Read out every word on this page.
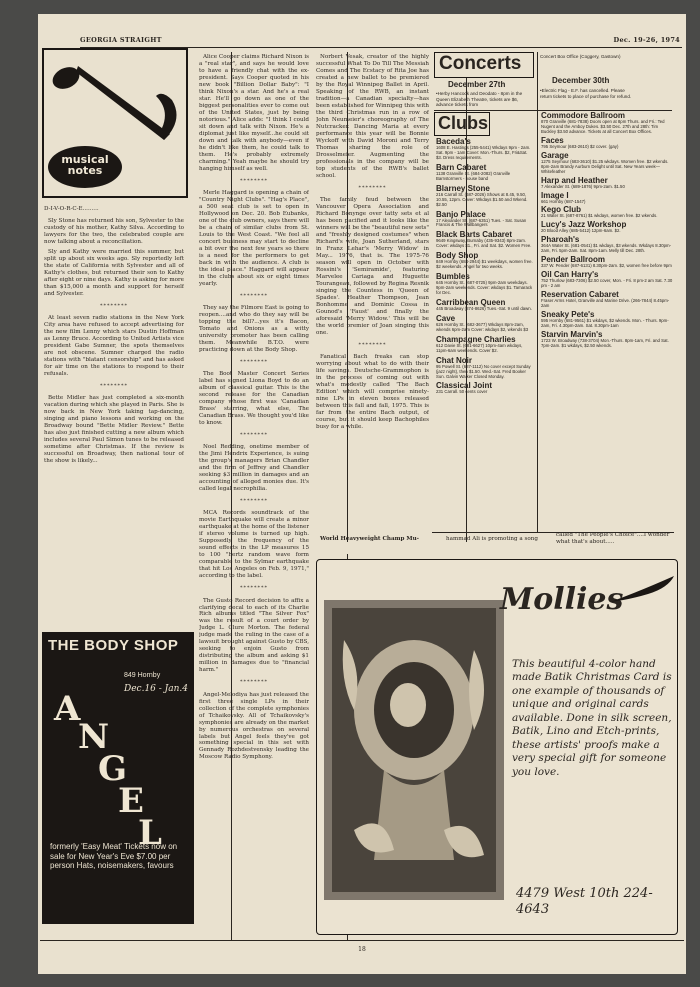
GEORGIA STRAIGHT	Dec. 19-26, 1974
musical
notes

D-I-V-O-R-C-E.........

Sly Stone has returned his son, Sylvester to the custody of his mother, Kathy Silva. According to lawyers for the two, the celebrated couple are now talking about a reconciliation.

Sly and Kathy were married this summer, but split up about six weeks ago. Sly reportedly left the state of California with Sylvester and all of Kathy's clothes, but returned their son to Kathy after eight or nine days. Kathy is asking for more than $15,000 a month and support for herself and Sylvester.

********

At least seven radio stations in the New York City area have refused to accept advertising for the new film Lenny which stars Dustin Hoffman as Lenny Bruce. According to United Artists vice president Gabe Sumner, the spots themselves are not obscene. Sumner charged the radio stations with "blatant censorship" and has asked for air time on the stations to respond to their refusals.

********

Bette Midler has just completed a six-month vacation during which she played in Paris. She is now back in New York taking tap-dancing, singing and piano lessons and working on the Broadway bound "Bette Midler Review." Bette has also just finished cutting a new album which includes several Paul Simon tunes to be released sometime after Christmas. If the review is successful on Broadway, then national tour of the show is likely...

THE BODY SHOP
849 Hornby
Dec.16 - Jan.4
A
N
G
E
L
formerly 'Easy Meat' Tickets now on sale for New Year's Eve $7.00 per person Hats, noisemakers, favours

Alice Cooper claims Richard Nixon is a "real star", and says he would love to have a friendly chat with the ex-president. Says Cooper quoted in his new book "Billion Dollar Baby": "I think Nixon's a star. And he's a real star. He'll go down as one of the biggest personalities ever to come out of the United States, just by being notorious." Alice adds: "I think I could sit down and talk with Nixon. He's a diplomat just like myself...he could sit down and talk with anybody—even if he didn't like them, he could talk to them. He's probably extremely charming." Yeah maybe he should try hanging himself as well.

********

Merle Haggard is opening a chain of "Country Night Clubs". "Hag's Place", a 500 seat club is set to open in Hollywood on Dec. 20. Bob Eubanks, one of the club owners, says there will be a chain of similar clubs from St. Louis to the West Coast. "We feel all concert business may start to decline a bit over the next few years so there is a need for the performers to get back in with the audience. A club is the ideal place." Haggard will appear in the clubs about six or eight times yearly.

********

They say the Filmore East is going to reopen....and who do they say will be topping the bill?...yes it's Bacon, Tomato and Onions as a witty university promoter has been calling them. Meanwhile B.T.O. were practicing down at the Body Shop.

********

The Boot Master Concert Series label has signed Liona Boyd to do an album of classical guitar. This is the second release for the Canadian company whose first was 'Canadian Brass' starring, what else, The Canadian Brass. We thought you'd like to know.

********

Noel Redding, onetime member of the Jimi Hendrix Experience, is suing the group's managers Brian Chandler and the firm of Jeffrey and Chandler seeking $3 million in damages and an accounting of alleged monies due. It's called legal necrophilia.

********

MCA Records soundtrack of the movie Earthquake will create a minor earthquake at the home of the listener if stereo volume is turned up high. Supposedly the frequency of the sound effects in the LP measures 15 to 100 "hertz random wave form comparable to the Sylmar earthquake that hit Los Angeles on Feb. 9, 1971," according to the label.

********

The Gusto Record decision to affix a clarifying decal to each of its Charlie Rich albums titled "The Silver Fox" was the result of a court order by Judge L. Clure Morton. The federal judge made the ruling in the case of a lawsuit brought against Gusto by CBS, seeking to enjoin Gusto from distributing the album and asking $1 million in damages due to "financial harm."

********

Angel-Melodiya has just released the first three single LPs in their collection of the complete symphonies of Tchaikovsky. All of Tchaikovsky's symphonies are already on the market by numerous orchestras on several labels but Angel feels they've got something special in this set with Gennady Rozhdestvensky leading the Moscow Radio Symphony.

Norbert Vesak, creator of the highly successful What To Do Till The Messiah Comes and The Ecstacy of Rita Joe has created a new ballet to be premiered by the Royal Winnipeg Ballet in April. Speaking of the RWB, an instant tradition—a Canadian specialty—has been established for Winnipeg this with the third Christmas run in a row of John Neumeier's choreography of The Nutcracker. Dancing Maria at every performance this year will be Bonnie Wyckoff with David Moroni and Terry Thomas sharing the role of Drosselmeier. Augmenting the professionals in the company will be top students of the RWB's ballet school.

********

The family feud between the Vancouver Opera Association and Richard Bonynge over tatty sets et al has been pacified and it looks like the winners will be the "beautiful new sets" and "freshly designed costumes" when Richard's wife, Joan Sutherland, stars in Franz Lehar's 'Merry Widow' in May... 1976, that is. The 1975-76 season will open in October with Rossini's 'Semiramide', featuring Marvelee Cariaga and Huguette Tourangeau, followed by Regina Resnik singing the Countess in 'Queen of Spades'. Heather Thompson, Jean Bonhomme and Dominic Cossa in Gounod's 'Faust' and finally the aforesaid 'Merry Widow.' This will be the world premier of Joan singing this one.

********

Fanatical Bach freaks can stop worrying about what to do with their life savings. Deutsche-Grammophon is in the process of coming out with what's modestly called 'The Bach Edition' which will comprise ninety-nine LPs in eleven boxes released between this fall and fall, 1975. This is far from the entire Bach output, of course, but it should keep Bachophiles busy for a while.

Concerts
December 27th
•Herby Hancock and Deodato - 8pm in the Queen Elizabeth Theatre, tickets are $6, advance tickets from
Concert Box Office (Coggery, Gastown)
December 30th
•Electric Flag - E.F. has cancelled. Please return tickets to place of purchase for refund.
Clubs
Baceda's
1608 E. Hastings (255-5441) Wkdays 9pm - 2am. Sat. 9pm - 1am Cover: Mon.-Thurs. $2, Fri&Sat. $3. Dress requirements.
Barn Cabaret
1138 Granville St. (684-2082) Granville Barnstormers - house band
Blarney Stone
216 Carrall St. (687-2026) Shows at 8.45, 9.50, 10.55, 12pm. Cover: Wkdays $1.50 and Wkend. $2.50
Banjo Palace
17 Alexander St. (687-6351) Tues. - Sat. Susan Francis & The Wallbangers
Black Barts Cabaret
9649 Kingsway, Burnaby (435-9343) 8pm-2am. Cover: wkdays $1., Fri. and Sat. $2. Women Free.
Body Shop
849 Hornby (684-2944) $1 weekdays, women free. $2 weekends. Angel for two weeks.
Bumbles
645 Hornby St. (687-0725) 9pm-2am weekdays. 9pm-2am weekends. Cover: wkdays $1. Tamarack for Dec.
Carribbean Queen
445 Broadway (874-8626) Tues.-Sat. 9 until dawn.
Cave
626 Hornby St. (682-3677) Wkdays 8pm-2am, wkends 6pm-2am Cover: wkdays $2, wkends $3
Champagne Charlies
612 Davie St. (681-6627) 10pm-4am wkdays, 11pm-6am weekends. Cover $2.
Chat Noir
95 Powell St. (687-1112) No cover except Sunday (jazz night), then $1.50. Wed.-Sat. Fred Booker Sun. Galvin Walker Closed Monday.
Classical Joint
231 Carrall. 50 cents cover
Commodore Ballroom
870 Granville (681-7838) Doors open at 8pm Thurs. and Fri.: Ted Nugent and the Amboy Dukes. $3.50 Dec. 27th and 28th: Tim Buckley $3.50 advance. Tickets at all Concert Box Offices.
Faces
795 Seymour (683-2610) $2 cover. (gay)
Garage
1275 Seymour (683-3610) $1.25 wkdays. Women free. $2 wkends. 8pm-2am Brandy Aurburn Delight until Sat. New Years week— Whitefeather
Harp and Heather
7 Alexander St. (689-1876) 9pm-2am. $1.50
Image I
661 Hornby (687-1547)
Kego Club
21 Water St. (687-8761) $1 wkdays, women free. $2 wkends.
Lucy's Jazz Workshop
20 Blood Alley (685-5412) 12pm-6am. $2.
Pharoah's
364A Water St. (681-0541) $1 wkdays, $3 wkends. Wkdays 8.30pm-2am, Fri. 5pm-2am. Sat. 8pm-1am. Melly till Dec. 28th.
Pender Ballroom
337 W. Pender (687-6131) 8.30pm-2am. $2, women free before 9pm
Oil Can Harry's
752 Thurlow (683-7306) $2.50 cover, Mon. - Fri. 8 pm-2 am Sat. 7.30 pm - 2 am
Reservation Cabaret
Fraser Arms Hotel, Granville and Marine Drive. (266-7844) 8.45pm-2am
Sneaky Pete's
595 Hornby (681-9561) $1 wkdays, $2 wkends. Mon. - Thurs. 9pm-2am, Fri. 4.30pm-2am. Sat. 8.30pm-1am
Starvin Marvin's
1723 W. Broadway (738-3704) Mon.-Thurs. 8pm-1am, Fri. and Sat. 7pm-2am. $1 wkdays, $2.50 wkends.
World Heavyweight Champ Mu-	hammad Ali is promoting a song
called "The People's Choice"....I wonder what that's about.....
Mollies
This beautiful 4-color hand made Batik Christmas Card is one example of thousands of unique and original cards available. Done in silk screen, Batik, Lino and Etch-prints, these artists' proofs make a very special gift for someone you love.
4479 West 10th 224-4643
18
